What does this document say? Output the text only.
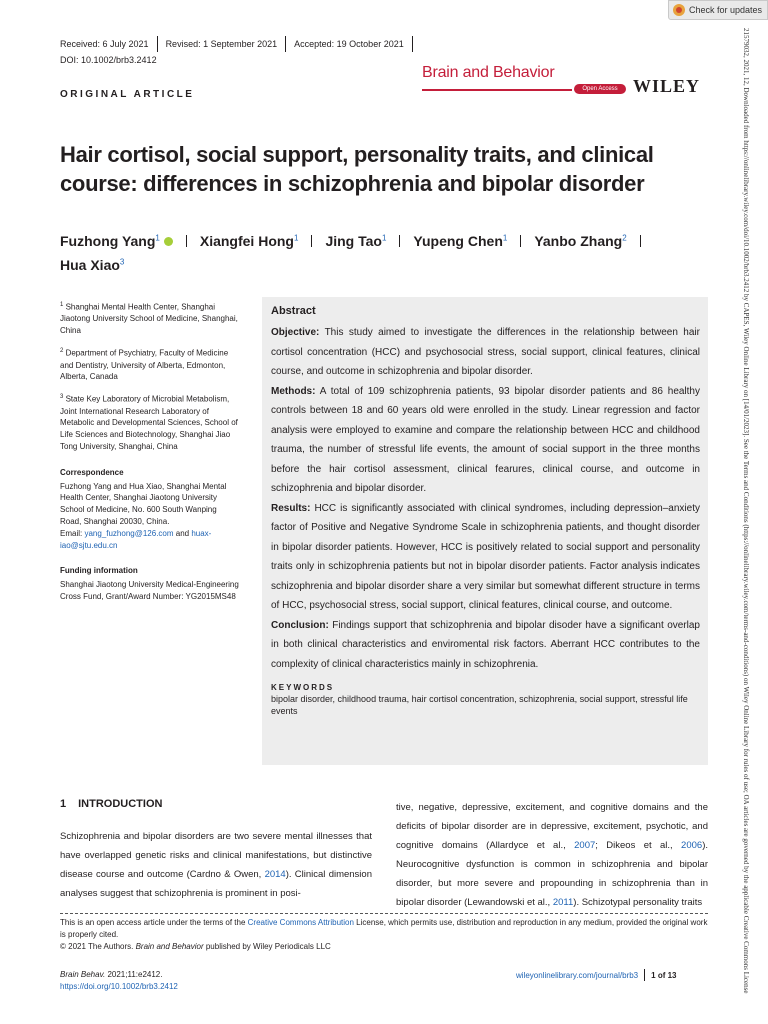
Check for updates
Received: 6 July 2021 Revised: 1 September 2021 Accepted: 19 October 2021
DOI: 10.1002/brb3.2412
Brain and Behavior
Open Access WILEY
ORIGINAL ARTICLE
Hair cortisol, social support, personality traits, and clinical course: differences in schizophrenia and bipolar disorder
Fuzhong Yang$^1$	Xiangfei Hong$^1$ Jing Tao$^1$ Yupeng Chen$^1$ Yanbo Zhang$^2$
Hua Xiao$^3$

$^1$ Shanghai Mental Health Center, Shanghai Jiaotong University School of Medicine, Shanghai, China

$^2$ Department of Psychiatry, Faculty of Medicine and Dentistry, University of Alberta, Edmonton, Alberta, Canada

$^3$ State Key Laboratory of Microbial Metabolism, Joint International Research Laboratory of Metabolic and Developmental Sciences, School of Life Sciences and Biotechnology, Shanghai Jiao Tong University, Shanghai, China

Correspondence

Fuzhong Yang and Hua Xiao, Shanghai Mental Health Center, Shanghai Jiaotong University School of Medicine, No. 600 South Wanping Road, Shanghai 20030, China.
Email: yang_fuzhong@126.com and huax-iao@sjtu.edu.cn

Funding information

Shanghai Jiaotong University Medical-Engineering Cross Fund, Grant/Award Number: YG2015MS48

Abstract

Objective: This study aimed to investigate the differences in the relationship between hair cortisol concentration (HCC) and psychosocial stress, social support, clinical features, clinical course, and outcome in schizophrenia and bipolar disorder.

Methods: A total of 109 schizophrenia patients, 93 bipolar disorder patients and 86 healthy controls between 18 and 60 years old were enrolled in the study. Linear regression and factor analysis were employed to examine and compare the relationship between HCC and childhood trauma, the number of stressful life events, the amount of social support in the three months before the hair cortisol assessment, clinical fearures, clinical course, and outcome in schizophrenia and bipolar disorder.

Results: HCC is significantly associated with clinical syndromes, including depression–anxiety factor of Positive and Negative Syndrome Scale in schizophrenia patients, and thought disorder in bipolar disorder patients. However, HCC is positively related to social support and personality traits only in schizophrenia patients but not in bipolar disorder patients. Factor analysis indicates schizophrenia and bipolar disorder share a very similar but somewhat different structure in terms of HCC, psychosocial stress, social support, clinical features, clinical course, and outcome.

Conclusion: Findings support that schizophrenia and bipolar disoder have a significant overlap in both clinical characteristics and enviromental risk factors. Aberrant HCC contributes to the complexity of clinical characteristics mainly in schizophrenia.

KEYWORDS
bipolar disorder, childhood trauma, hair cortisol concentration, schizophrenia, social support, stressful life events
1 INTRODUCTION

Schizophrenia and bipolar disorders are two severe mental illnesses that have overlapped genetic risks and clinical manifestations, but distinctive disease course and outcome (Cardno & Owen, 2014). Clinical dimension analyses suggest that schizophrenia is prominent in posi-

tive, negative, depressive, excitement, and cognitive domains and the deficits of bipolar disorder are in depressive, excitement, psychotic, and cognitive domains (Allardyce et al., 2007; Dikeos et al., 2006). Neurocognitive dysfunction is common in schizophrenia and bipolar disorder, but more severe and propounding in schizophrenia than in bipolar disorder (Lewandowski et al., 2011). Schizotypal personality traits

This is an open access article under the terms of the Creative Commons Attribution License, which permits use, distribution and reproduction in any medium, provided the original work is properly cited.

© 2021 The Authors. Brain and Behavior published by Wiley Periodicals LLC

Brain Behav. 2021;11:e2412.
https://doi.org/10.1002/brb3.2412
wileyonlinelibrary.com/journal/brb3 1 of 13	21579032, 2021, 12, Downloaded from https://onlinelibrary.wiley.com/doi/10.1002/brb3.2412 by CAPES, Wiley Online Library on [14/01/2023]. See the Terms and Conditions (https://onlinelibrary.wiley.com/terms-and-conditions) on Wiley Online Library for rules of use; OA articles are governed by the applicable Creative Commons License
